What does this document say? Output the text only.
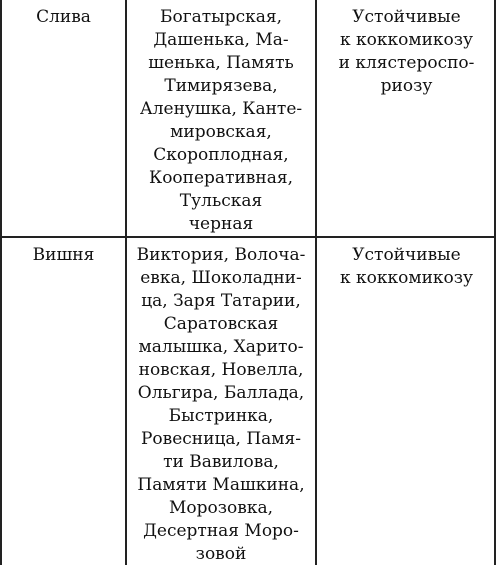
Слива	Богатырская,
Дашенька, Ма-
шенька, Память
Тимирязева,
Аленушка, Канте-
мировская,
Скороплодная,
Кооперативная,
Тульская
черная
Устойчивые
к коккомикозу
и клястероспо-
риозу
Вишня	Виктория, Волоча-
евка, Шоколадни-
ца, Заря Татарии,
Саратовская
малышка, Харито-
новская, Новелла,
Ольгира, Баллада,
Быстринка,
Ровесница, Памя-
ти Вавилова,
Памяти Машкина,
Морозовка,
Десертная Моро-
зовой
Устойчивые
к коккомикозу
